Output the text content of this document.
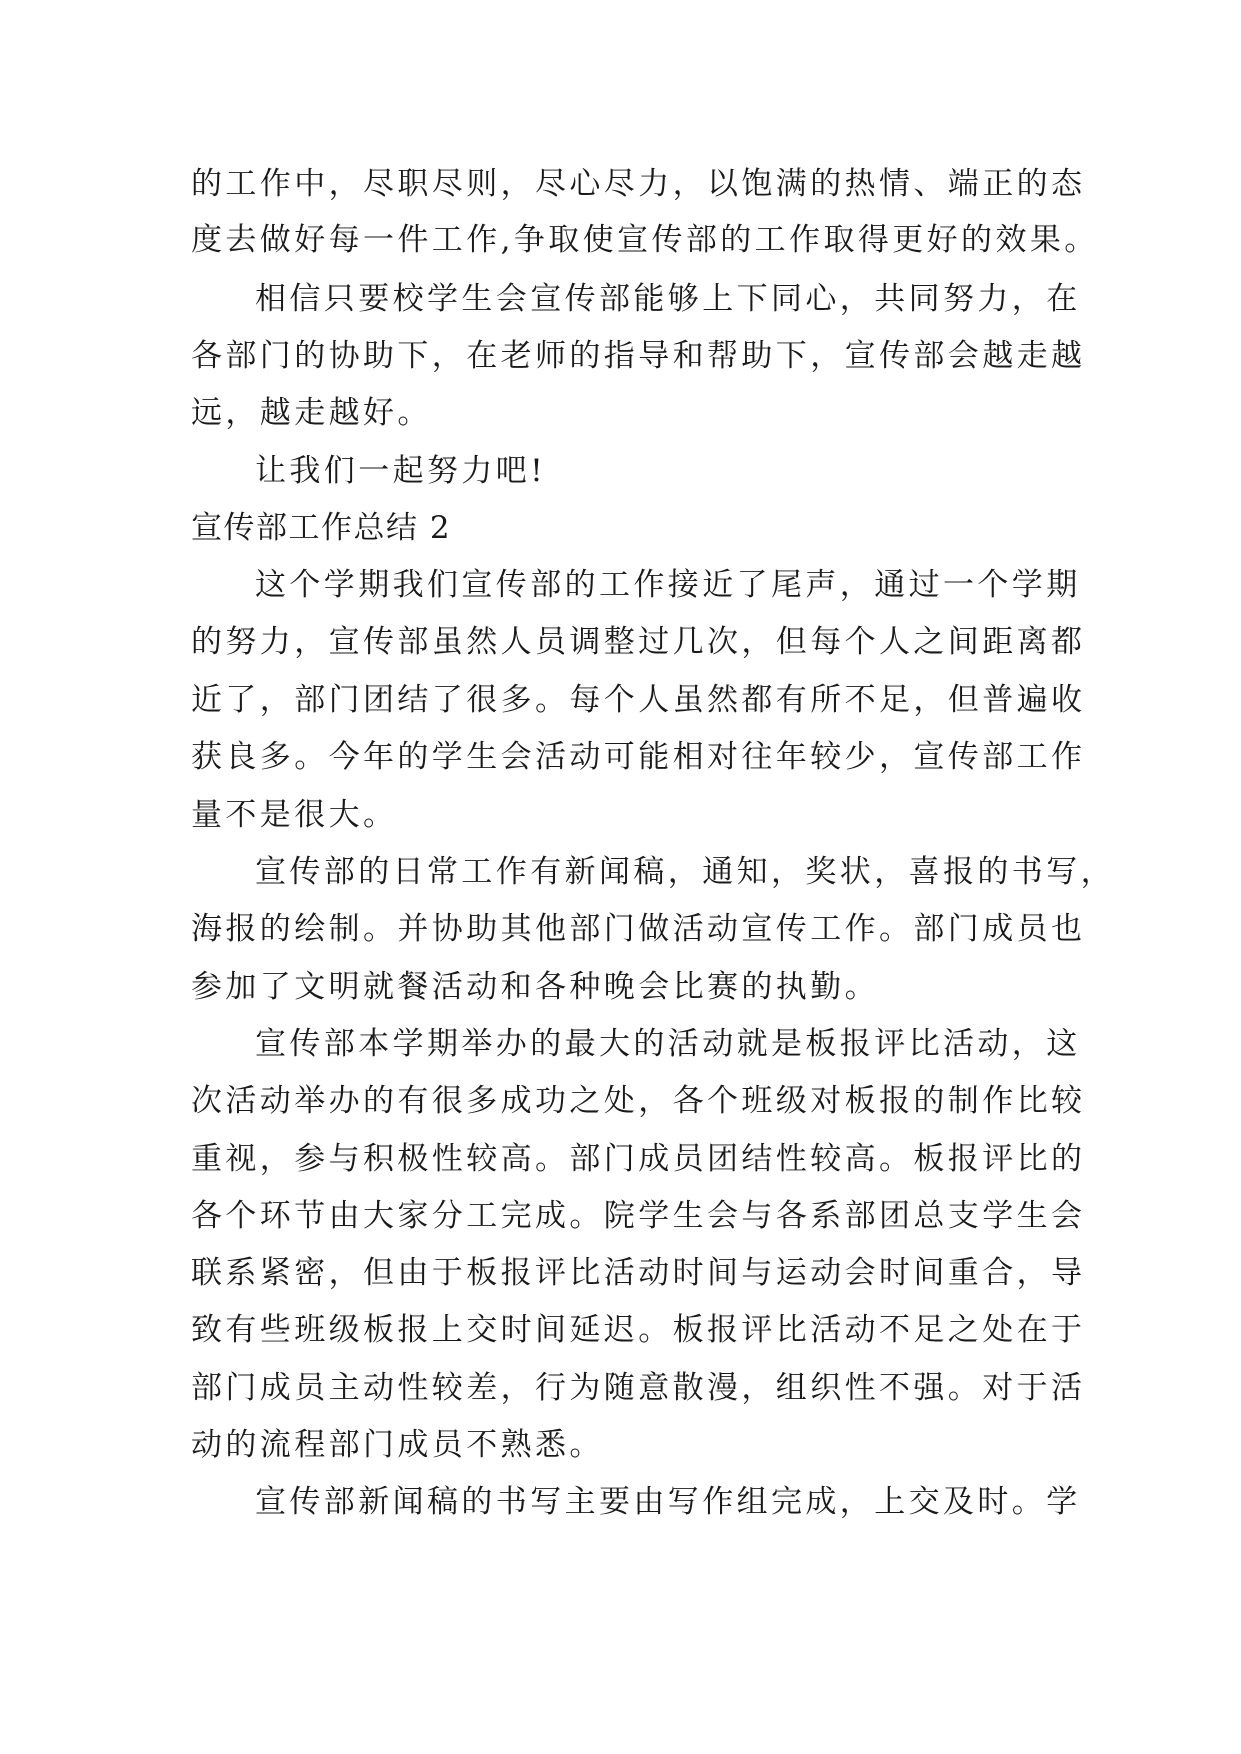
的工作中，尽职尽则，尽心尽力，以饱满的热情、端正的态
度去做好每一件工作,争取使宣传部的工作取得更好的效果。
相信只要校学生会宣传部能够上下同心，共同努力，在
各部门的协助下，在老师的指导和帮助下，宣传部会越走越
远，越走越好。
让我们一起努力吧!
宣传部工作总结 2
这个学期我们宣传部的工作接近了尾声，通过一个学期
的努力，宣传部虽然人员调整过几次，但每个人之间距离都
近了，部门团结了很多。每个人虽然都有所不足，但普遍收
获良多。今年的学生会活动可能相对往年较少，宣传部工作
量不是很大。
宣传部的日常工作有新闻稿，通知，奖状，喜报的书写，
海报的绘制。并协助其他部门做活动宣传工作。部门成员也
参加了文明就餐活动和各种晚会比赛的执勤。
宣传部本学期举办的最大的活动就是板报评比活动，这
次活动举办的有很多成功之处，各个班级对板报的制作比较
重视，参与积极性较高。部门成员团结性较高。板报评比的
各个环节由大家分工完成。院学生会与各系部团总支学生会
联系紧密，但由于板报评比活动时间与运动会时间重合，导
致有些班级板报上交时间延迟。板报评比活动不足之处在于
部门成员主动性较差，行为随意散漫，组织性不强。对于活
动的流程部门成员不熟悉。
宣传部新闻稿的书写主要由写作组完成，上交及时。学
